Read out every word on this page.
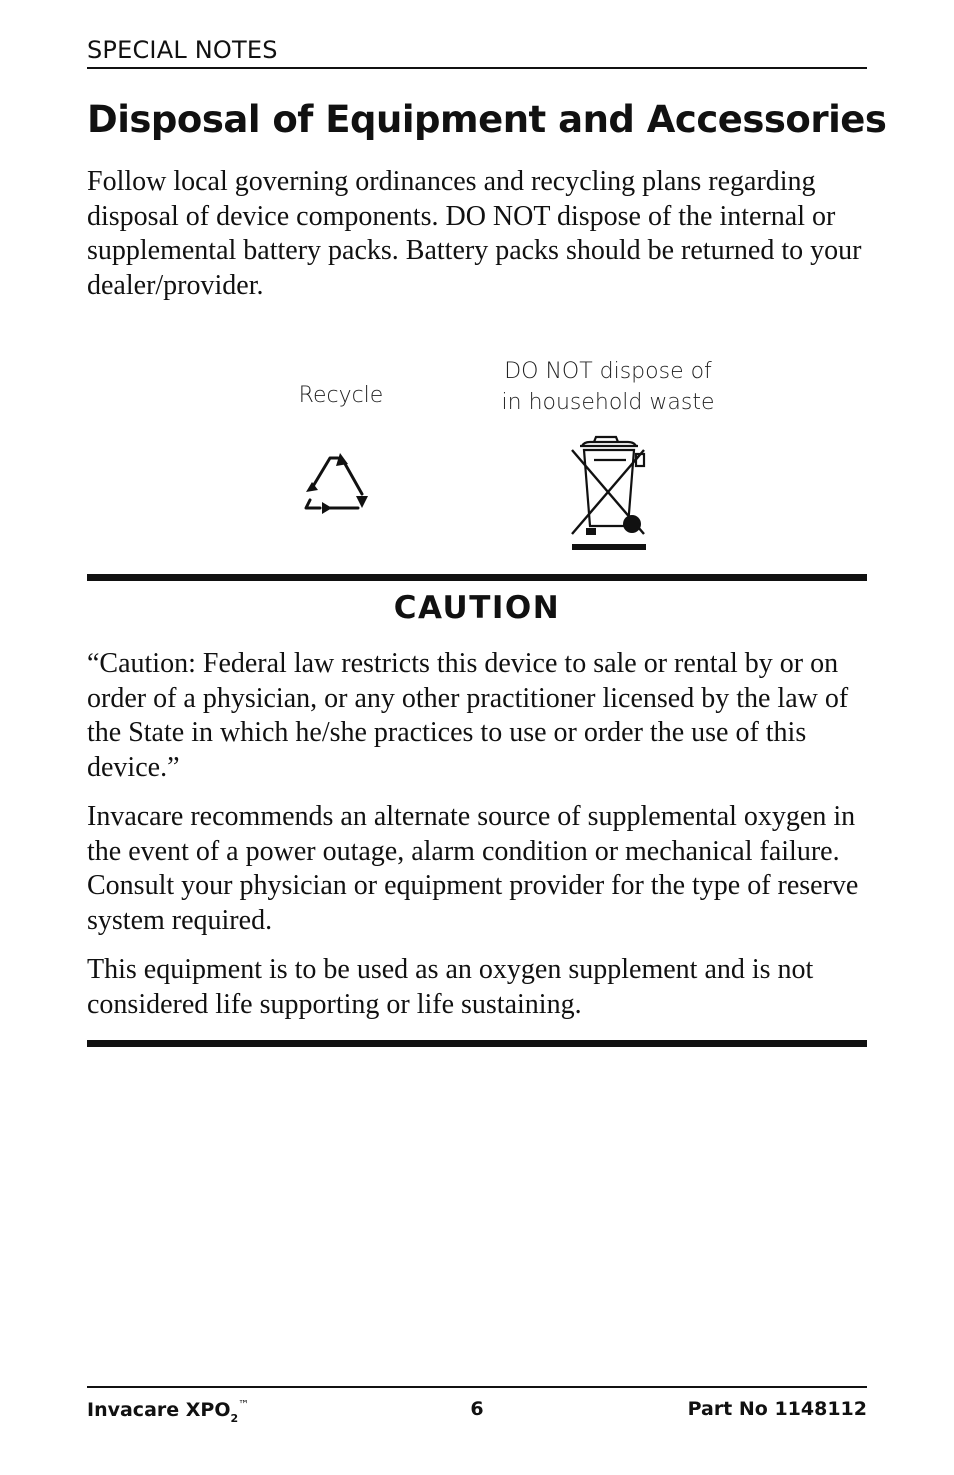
SPECIAL NOTES
Disposal of Equipment and Accessories

Follow local governing ordinances and recycling plans regarding disposal of device components. DO NOT dispose of the internal or supplemental battery packs. Battery packs should be returned to your dealer/provider.

Recycle
DO NOT dispose of
in household waste
CAUTION

“Caution: Federal law restricts this device to sale or rental by or on order of a physician, or any other practitioner licensed by the law of the State in which he/she practices to use or order the use of this device.”

Invacare recommends an alternate source of supplemental oxygen in the event of a power outage, alarm condition or mechanical failure. Consult your physician or equipment provider for the type of reserve system required.

This equipment is to be used as an oxygen supplement and is not considered life supporting or life sustaining.

Invacare $XPO_2™$	6	Part No 1148112
